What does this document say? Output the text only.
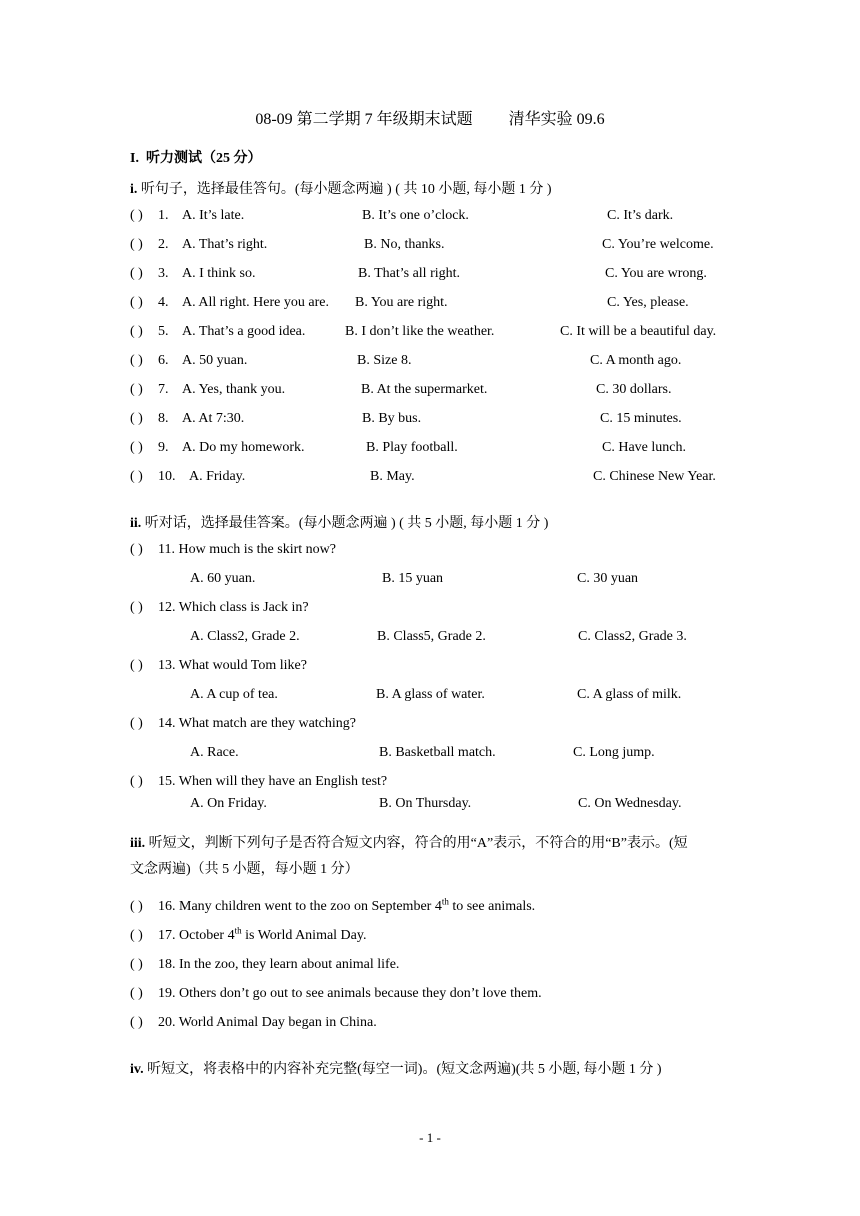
08-09 第二学期 7 年级期末试题 清华实验 09.6
I. 听力测试（25 分）
i. 听句子，选择最佳答句。(每小题念两遍 ) ( 共 10 小题, 每小题 1 分 )
( ) 1. A. It’s late.	B. It’s one o’clock.	C. It’s dark.
( ) 2. A. That’s right.	B. No, thanks.	C. You’re welcome.
( ) 3. A. I think so.	B. That’s all right.	C. You are wrong.
( ) 4. A. All right. Here you are. B. You are right.	C. Yes, please.
( ) 5. A. That’s a good idea.	B. I don’t like the weather.	C. It will be a beautiful day.
( ) 6. A. 50 yuan.	B. Size 8.	C. A month ago.
( ) 7. A. Yes, thank you.	B. At the supermarket.	C. 30 dollars.
( ) 8. A. At 7:30.	B. By bus.	C. 15 minutes.
( ) 9. A. Do my homework.	B. Play football.	C. Have lunch.
( ) 10. A. Friday.	B. May.	C. Chinese New Year.
ii. 听对话，选择最佳答案。(每小题念两遍 ) ( 共 5 小题, 每小题 1 分 )
( ) 11. How much is the skirt now?
A. 60 yuan.	B. 15 yuan	C. 30 yuan
( ) 12. Which class is Jack in?
A. Class2, Grade 2.	B. Class5, Grade 2.	C. Class2, Grade 3.
( ) 13. What would Tom like?
A. A cup of tea.	B. A glass of water.	C. A glass of milk.
( ) 14. What match are they watching?
A. Race.	B. Basketball match.	C. Long jump.
( ) 15. When will they have an English test?
A. On Friday.	B. On Thursday.	C. On Wednesday.
iii. 听短文，判断下列句子是否符合短文内容，符合的用“A”表示，不符合的用“B”表示。(短
文念两遍)（共 5 小题，每小题 1 分）
( ) 16. Many children went to the zoo on September 4th to see animals.
( ) 17. October 4th is World Animal Day.
( ) 18. In the zoo, they learn about animal life.
( ) 19. Others don’t go out to see animals because they don’t love them.
( ) 20. World Animal Day began in China.
iv. 听短文，将表格中的内容补充完整(每空一词)。(短文念两遍)(共 5 小题, 每小题 1 分 )
- 1 -
